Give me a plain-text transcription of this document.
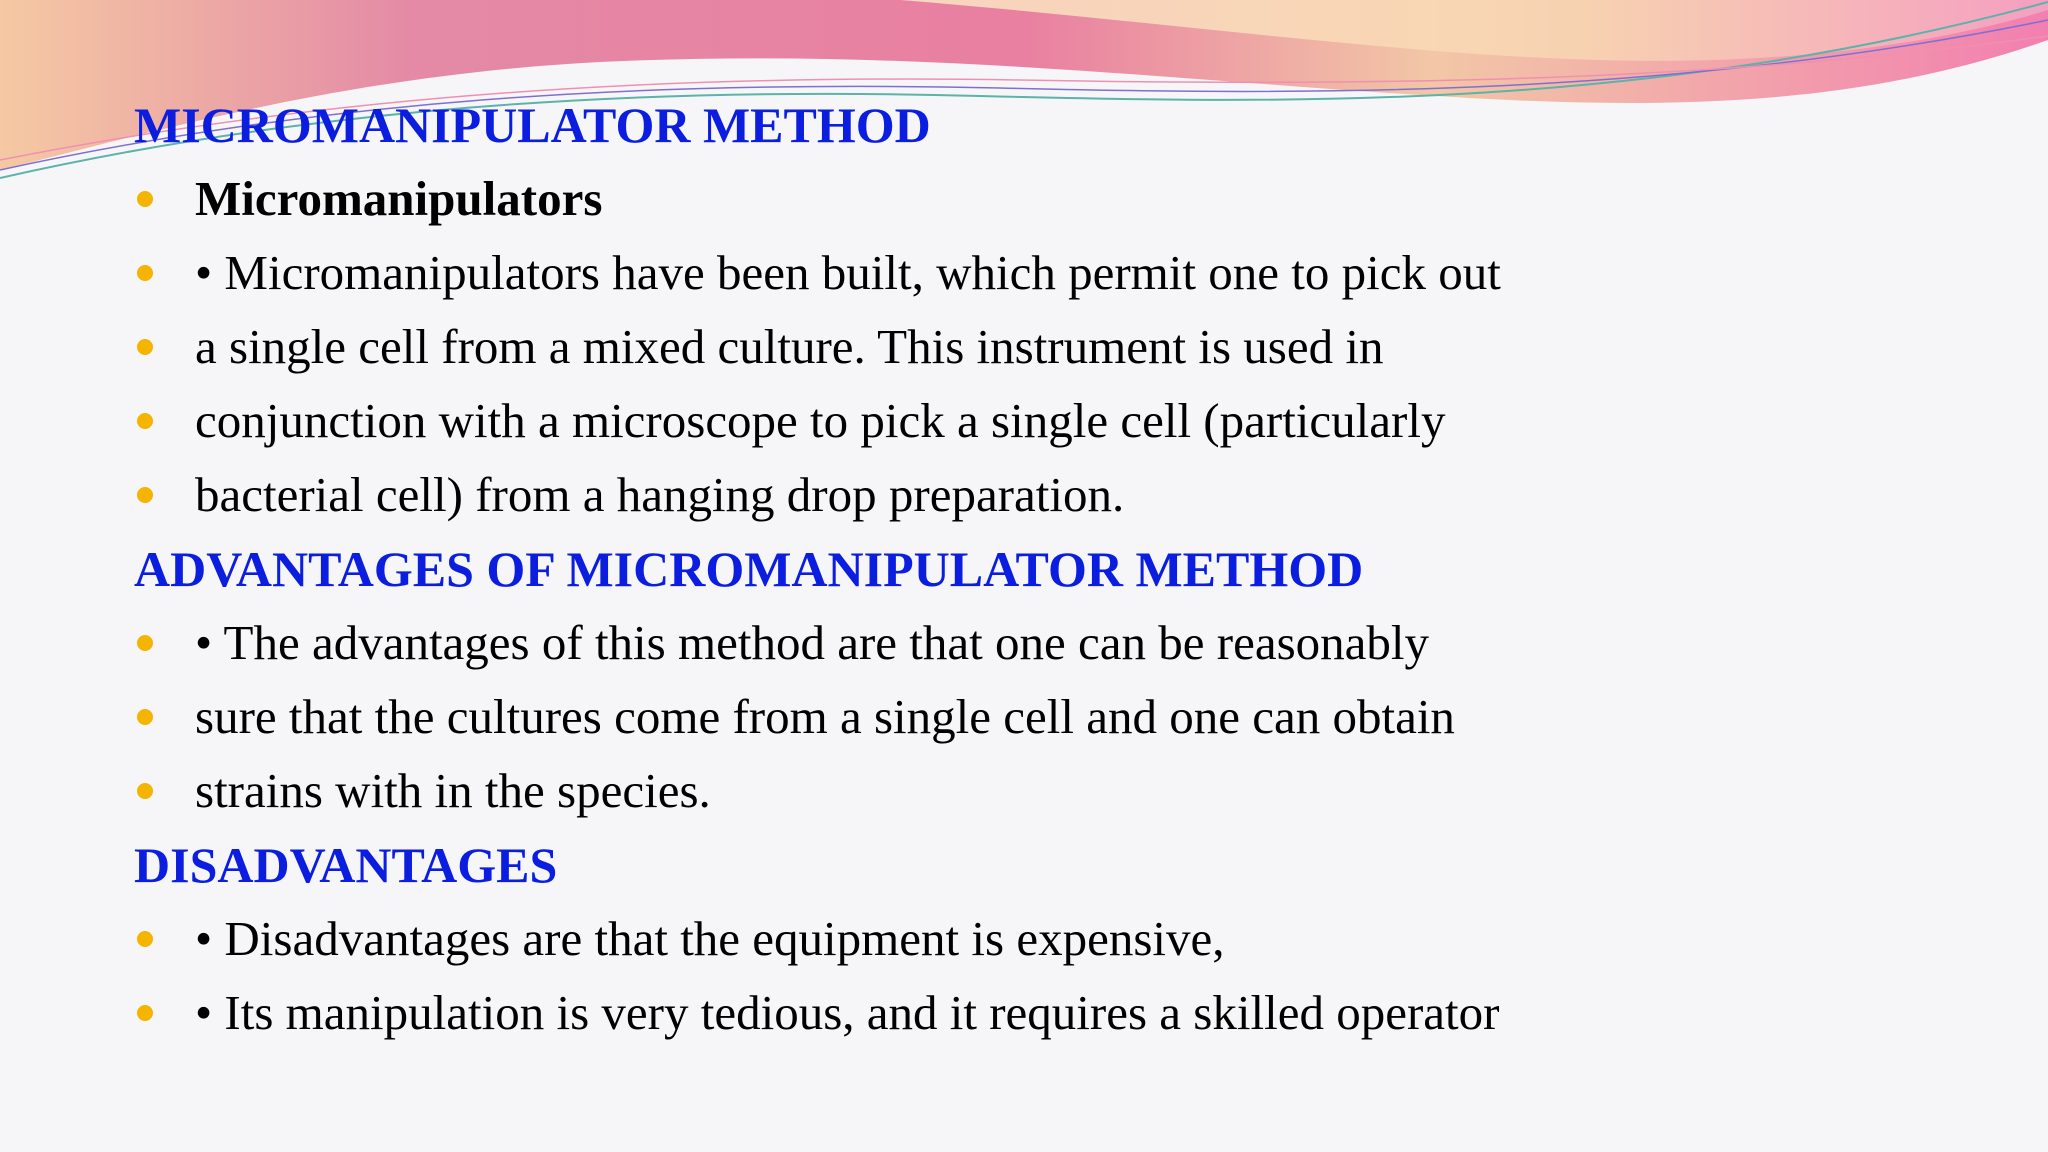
MICROMANIPULATOR METHOD
Micromanipulators
• Micromanipulators have been built, which permit one to pick out
a single cell from a mixed culture. This instrument is used in
conjunction with a microscope to pick a single cell (particularly
bacterial cell) from a hanging drop preparation.
ADVANTAGES OF MICROMANIPULATOR METHOD
• The advantages of this method are that one can be reasonably
sure that the cultures come from a single cell and one can obtain
strains with in the species.
DISADVANTAGES
• Disadvantages are that the equipment is expensive,
• Its manipulation is very tedious, and it requires a skilled operator
